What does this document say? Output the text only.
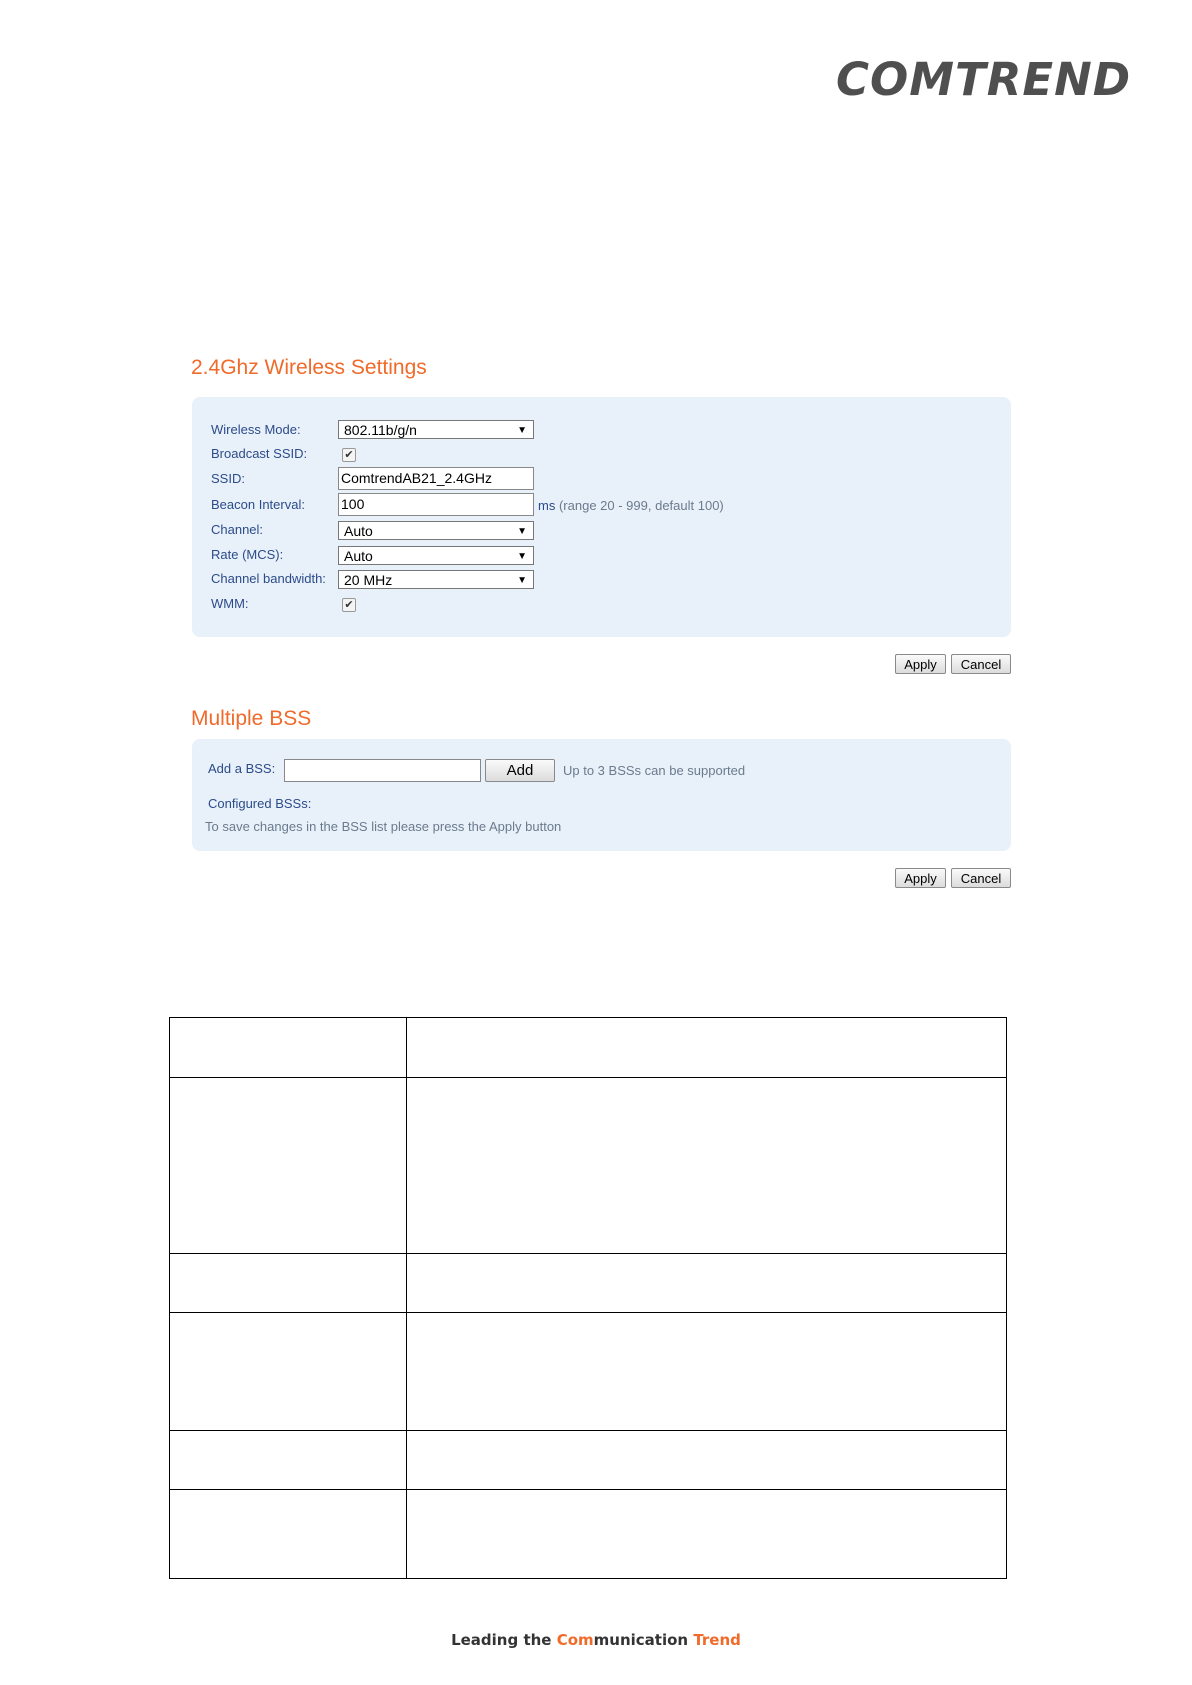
COMTREND
2.4Ghz Wireless Settings
Wireless Mode:	802.11b/g/n	▼
Broadcast SSID:	✔
SSID:	ComtrendAB21_2.4GHz
Beacon Interval:	100	ms (range 20 - 999, default 100)
Channel:	Auto	▼
Rate (MCS):	Auto	▼
Channel bandwidth:	20 MHz	▼
WMM:	✔
Apply	Cancel
Multiple BSS
Add a BSS:	Add	Up to 3 BSSs can be supported
Configured BSSs:
To save changes in the BSS list please press the Apply button
Apply	Cancel

Leading the Communication Trend
